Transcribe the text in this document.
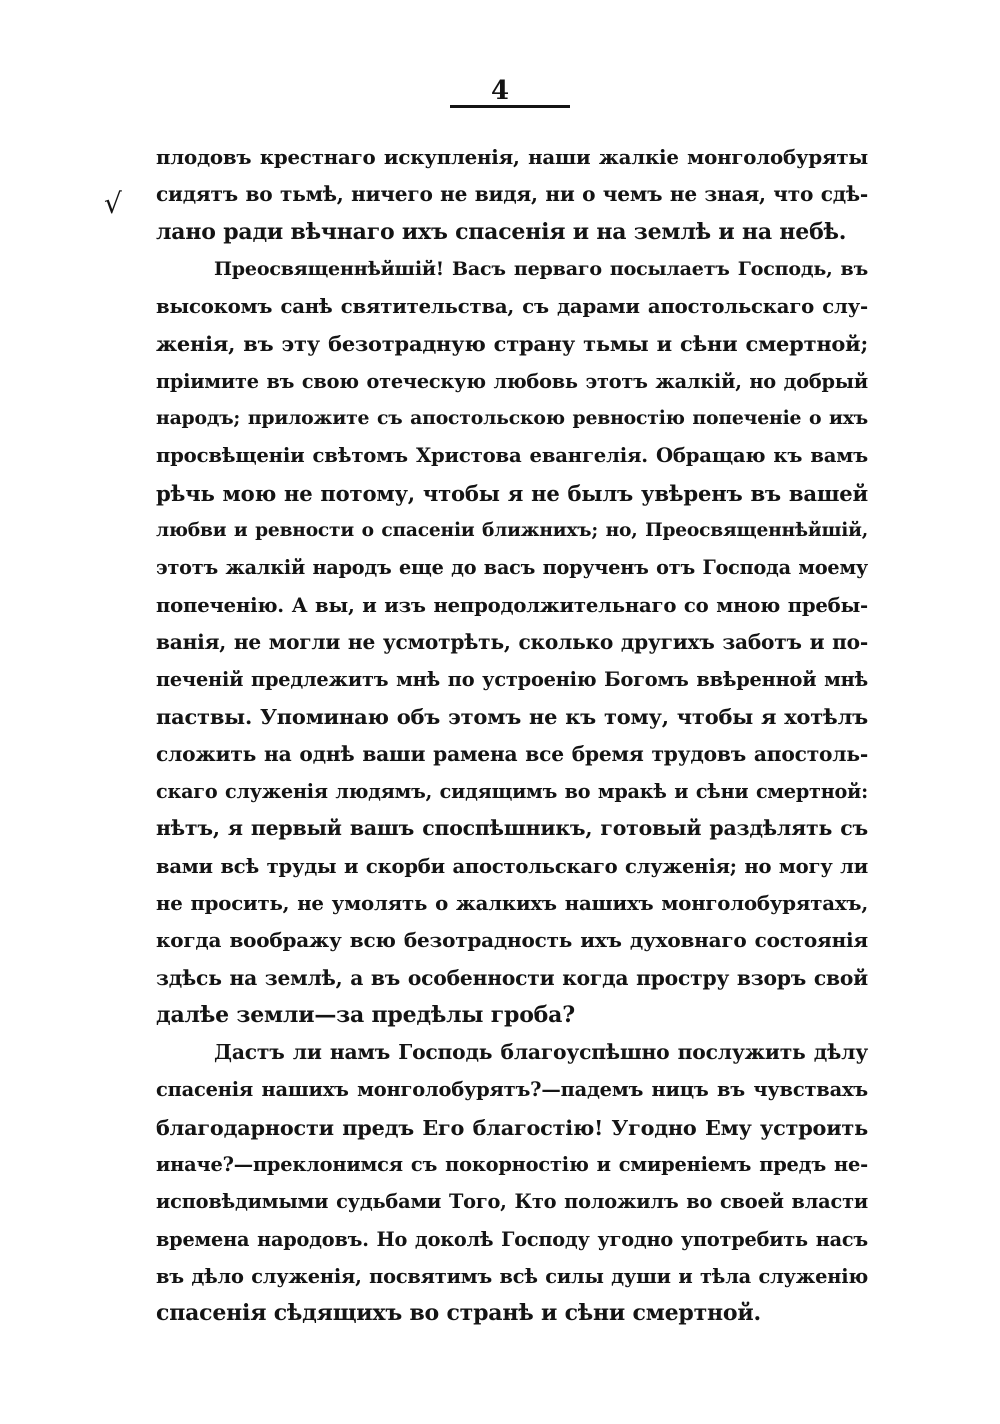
4
√
плодовъ крестнаго искупленія, наши жалкіе монголобуряты
сидятъ во тьмѣ, ничего не видя, ни о чемъ не зная, что сдѣ-
лано ради вѣчнаго ихъ спасенія и на землѣ и на небѣ.
Преосвященнѣйшій! Васъ перваго посылаетъ Господь, въ
высокомъ санѣ святительства, съ дарами апостольскаго слу-
женія, въ эту безотрадную страну тьмы и сѣни смертной;
пріимите въ свою отеческую любовь этотъ жалкій, но добрый
народъ; приложите съ апостольскою ревностію попеченіе о ихъ
просвѣщеніи свѣтомъ Христова евангелія. Обращаю къ вамъ
рѣчь мою не потому, чтобы я не былъ увѣренъ въ вашей
любви и ревности о спасеніи ближнихъ; но, Преосвященнѣйшій,
этотъ жалкій народъ еще до васъ порученъ отъ Господа моему
попеченію. А вы, и изъ непродолжительнаго со мною пребы-
ванія, не могли не усмотрѣть, сколько другихъ заботъ и по-
печеній предлежитъ мнѣ по устроенію Богомъ ввѣренной мнѣ
паствы. Упоминаю объ этомъ не къ тому, чтобы я хотѣлъ
сложить на однѣ ваши рамена все бремя трудовъ апостоль-
скаго служенія людямъ, сидящимъ во мракѣ и сѣни смертной:
нѣтъ, я первый вашъ споспѣшникъ, готовый раздѣлять съ
вами всѣ труды и скорби апостольскаго служенія; но могу ли
не просить, не умолять о жалкихъ нашихъ монголобурятахъ,
когда воображу всю безотрадность ихъ духовнаго состоянія
здѣсь на землѣ, а въ особенности когда простру взоръ свой
далѣе земли—за предѣлы гроба?
Дастъ ли намъ Господь благоуспѣшно послужить дѣлу
спасенія нашихъ монголобурятъ?—падемъ ницъ въ чувствахъ
благодарности предъ Его благостію! Угодно Ему устроить
иначе?—преклонимся съ покорностію и смиреніемъ предъ не-
исповѣдимыми судьбами Того, Кто положилъ во своей власти
времена народовъ. Но доколѣ Господу угодно употребить насъ
въ дѣло служенія, посвятимъ всѣ силы души и тѣла служенію
спасенія сѣдящихъ во странѣ и сѣни смертной.
